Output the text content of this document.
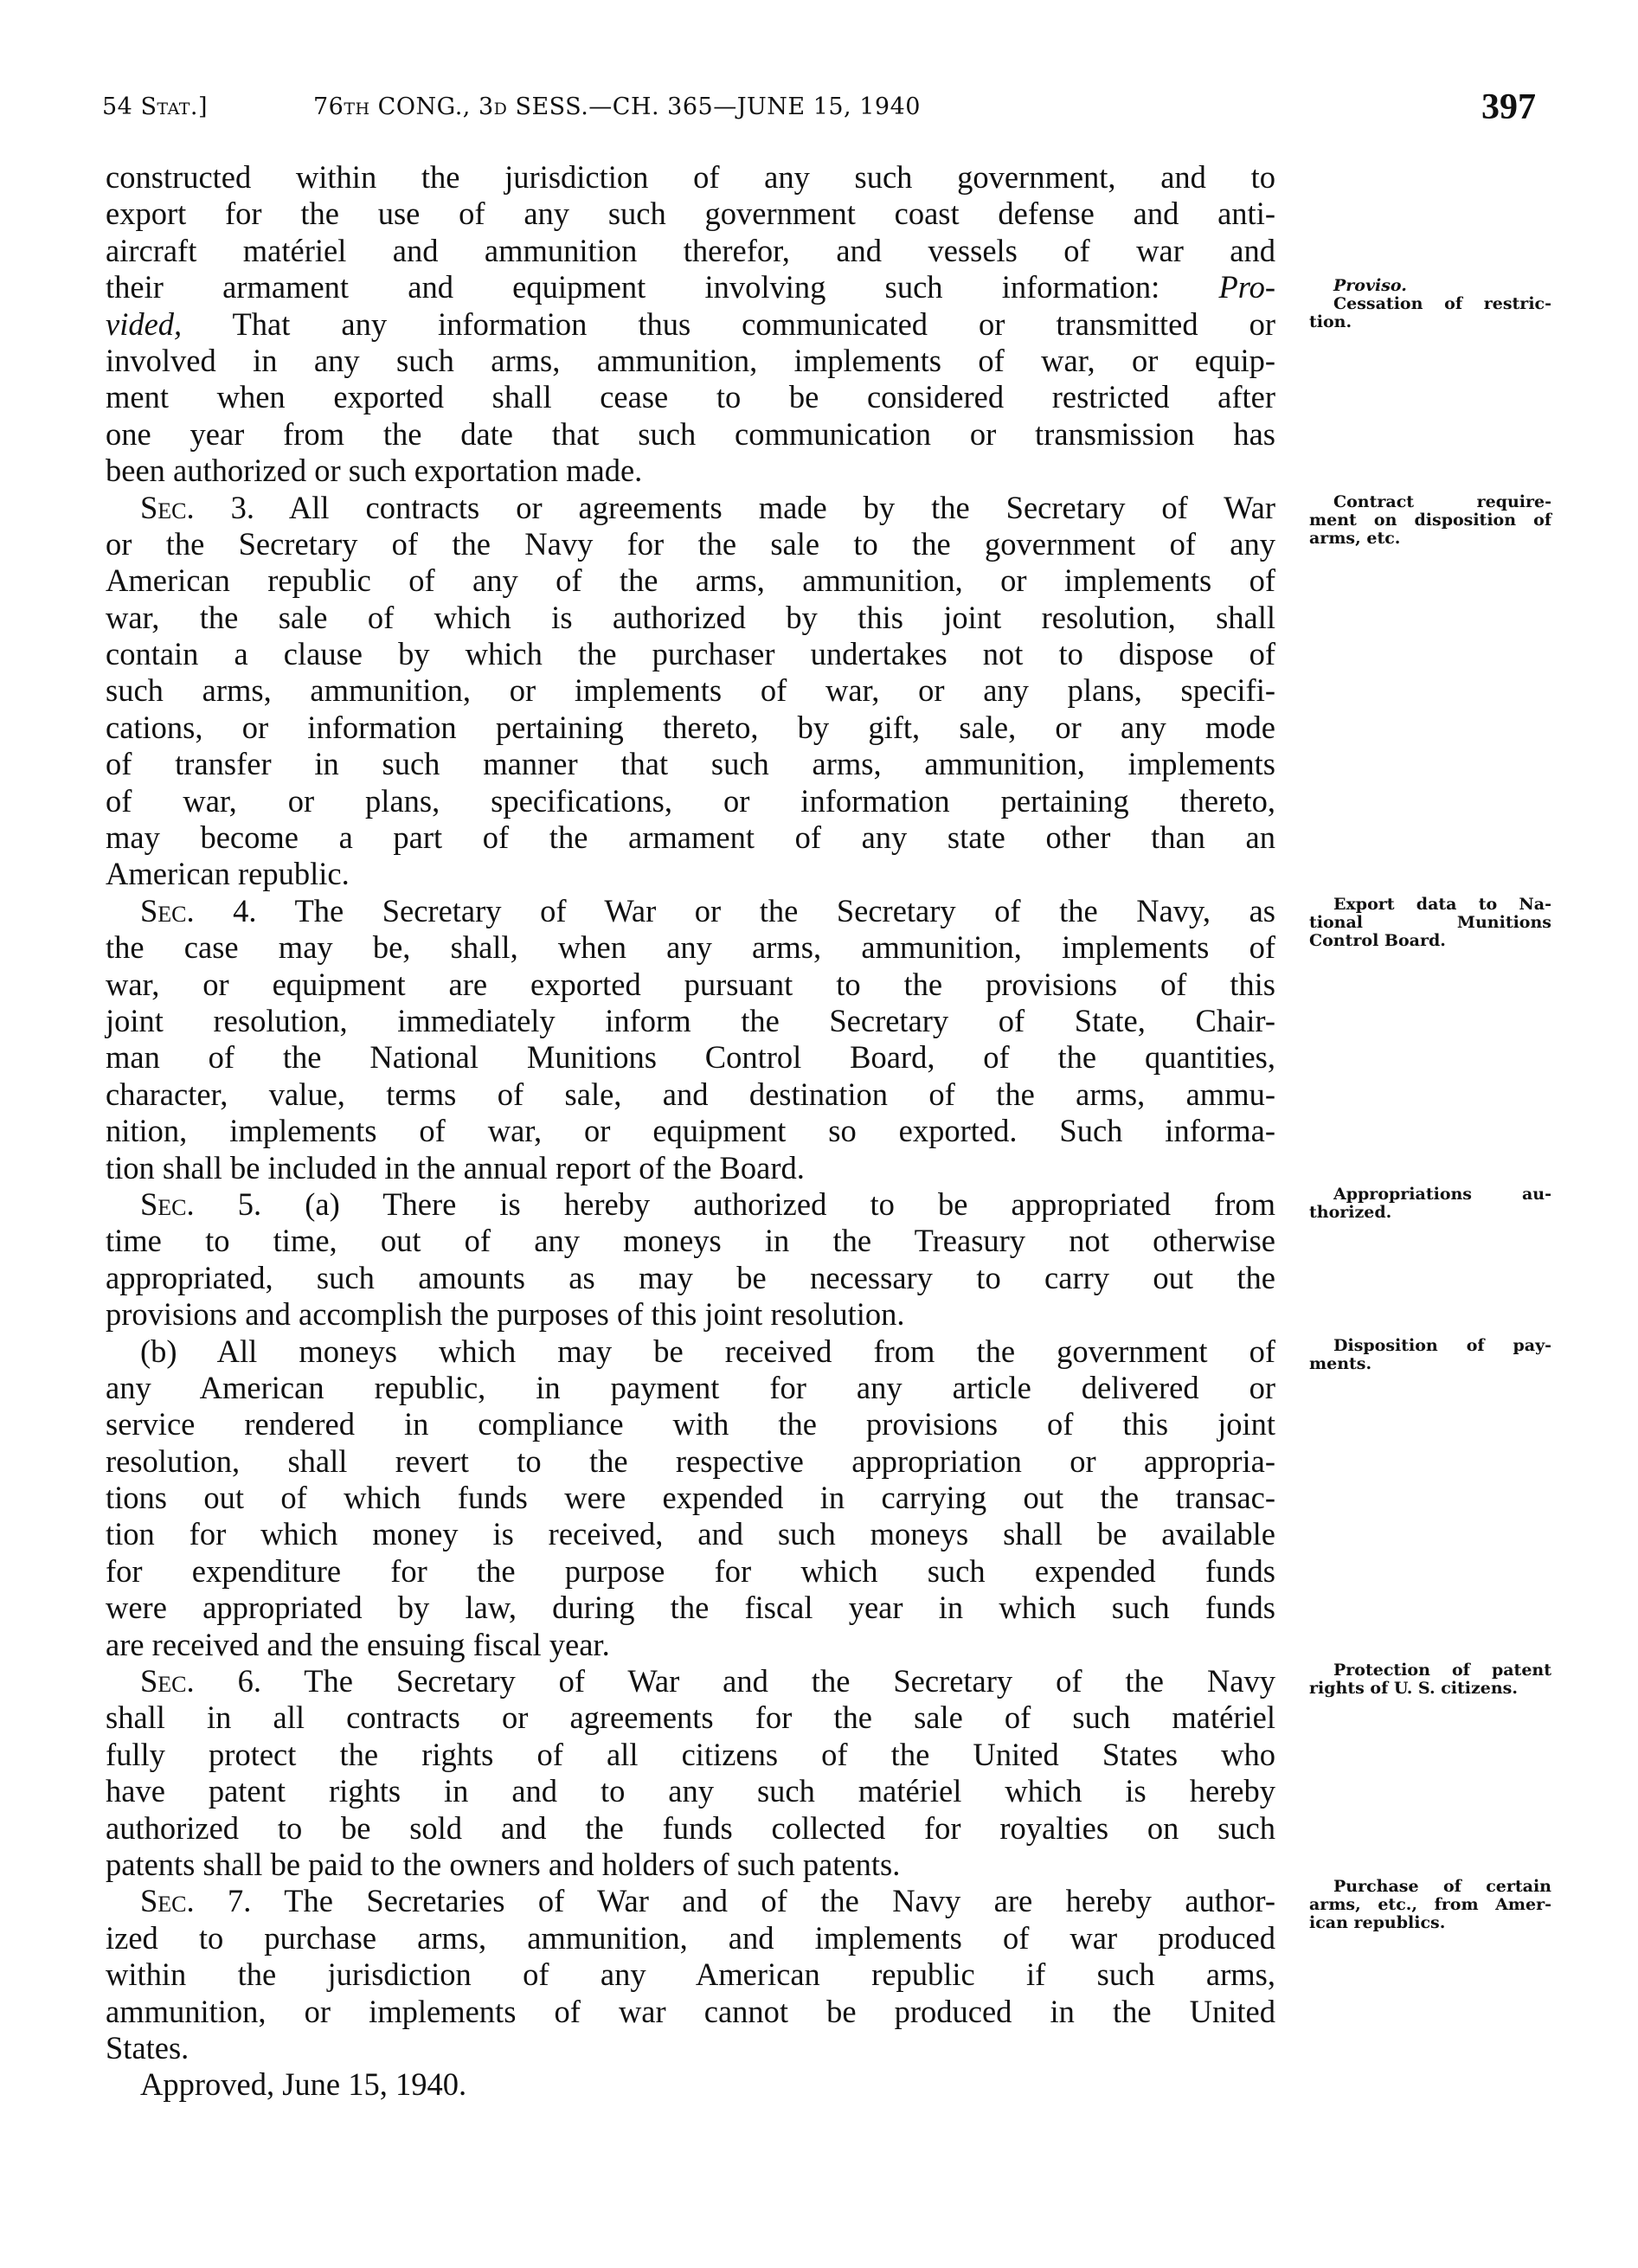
54 Stat.]	76th CONG., 3d SESS.—CH. 365—JUNE 15, 1940	397
constructed within the jurisdiction of any such government, and to
export for the use of any such government coast defense and anti-
aircraft matériel and ammunition therefor, and vessels of war and
their armament and equipment involving such information: Pro-
vided, That any information thus communicated or transmitted or
involved in any such arms, ammunition, implements of war, or equip-
ment when exported shall cease to be considered restricted after
one year from the date that such communication or transmission has
been authorized or such exportation made.
Sec. 3. All contracts or agreements made by the Secretary of War
or the Secretary of the Navy for the sale to the government of any
American republic of any of the arms, ammunition, or implements of
war, the sale of which is authorized by this joint resolution, shall
contain a clause by which the purchaser undertakes not to dispose of
such arms, ammunition, or implements of war, or any plans, specifi-
cations, or information pertaining thereto, by gift, sale, or any mode
of transfer in such manner that such arms, ammunition, implements
of war, or plans, specifications, or information pertaining thereto,
may become a part of the armament of any state other than an
American republic.
Sec. 4. The Secretary of War or the Secretary of the Navy, as
the case may be, shall, when any arms, ammunition, implements of
war, or equipment are exported pursuant to the provisions of this
joint resolution, immediately inform the Secretary of State, Chair-
man of the National Munitions Control Board, of the quantities,
character, value, terms of sale, and destination of the arms, ammu-
nition, implements of war, or equipment so exported. Such informa-
tion shall be included in the annual report of the Board.
Sec. 5. (a) There is hereby authorized to be appropriated from
time to time, out of any moneys in the Treasury not otherwise
appropriated, such amounts as may be necessary to carry out the
provisions and accomplish the purposes of this joint resolution.
(b) All moneys which may be received from the government of
any American republic, in payment for any article delivered or
service rendered in compliance with the provisions of this joint
resolution, shall revert to the respective appropriation or appropria-
tions out of which funds were expended in carrying out the transac-
tion for which money is received, and such moneys shall be available
for expenditure for the purpose for which such expended funds
were appropriated by law, during the fiscal year in which such funds
are received and the ensuing fiscal year.
Sec. 6. The Secretary of War and the Secretary of the Navy
shall in all contracts or agreements for the sale of such matériel
fully protect the rights of all citizens of the United States who
have patent rights in and to any such matériel which is hereby
authorized to be sold and the funds collected for royalties on such
patents shall be paid to the owners and holders of such patents.
Sec. 7. The Secretaries of War and of the Navy are hereby author-
ized to purchase arms, ammunition, and implements of war produced
within the jurisdiction of any American republic if such arms,
ammunition, or implements of war cannot be produced in the United
States.
Approved, June 15, 1940.
Proviso.
Cessation of restric-
tion.
Contract require-
ment on disposition of
arms, etc.
Export data to Na-
tional Munitions
Control Board.
Appropriations au-
thorized.
Disposition of pay-
ments.
Protection of patent
rights of U. S. citizens.
Purchase of certain
arms, etc., from Amer-
ican republics.
